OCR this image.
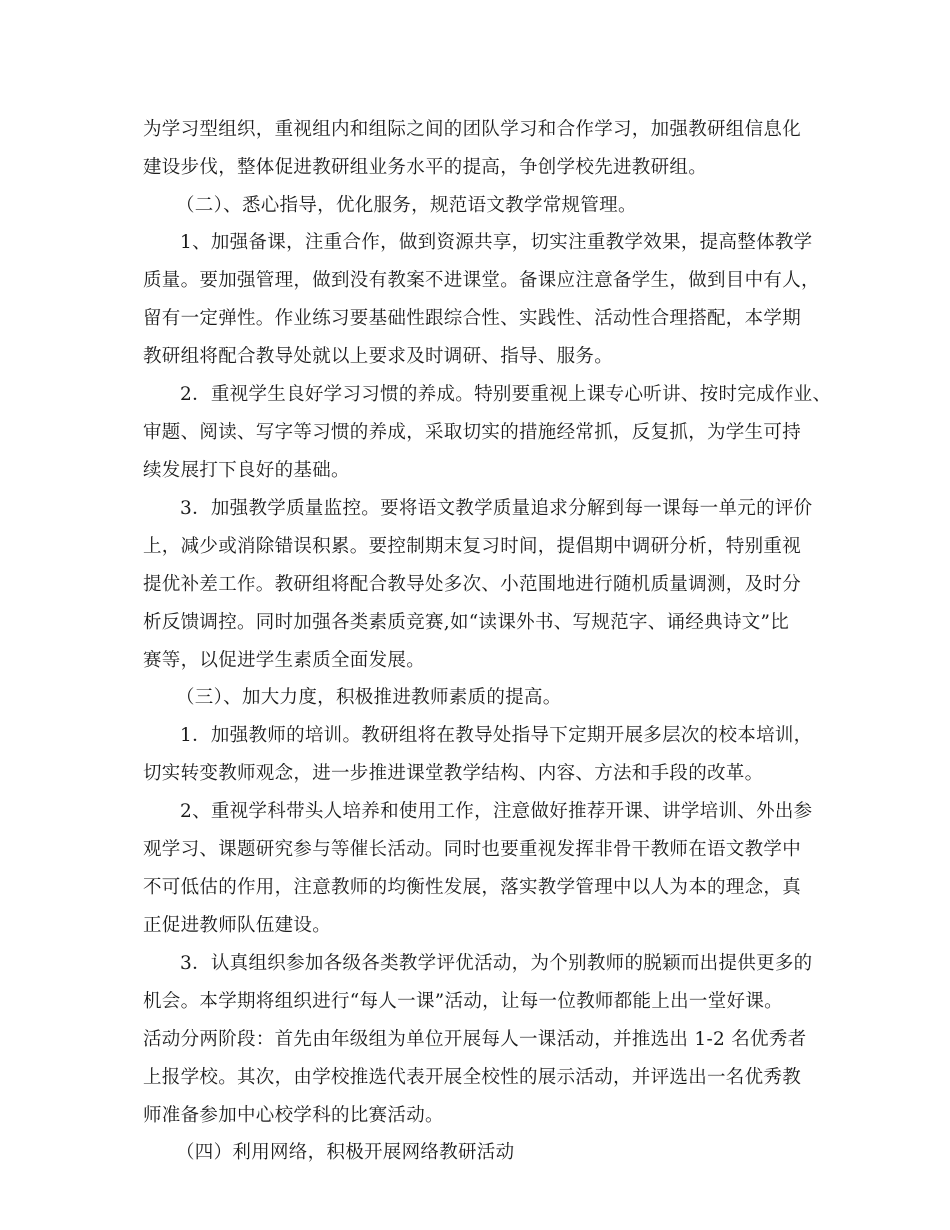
为学习型组织，重视组内和组际之间的团队学习和合作学习，加强教研组信息化
建设步伐，整体促进教研组业务水平的提高，争创学校先进教研组。
（二）、悉心指导，优化服务，规范语文教学常规管理。
1、加强备课，注重合作，做到资源共享，切实注重教学效果，提高整体教学
质量。要加强管理，做到没有教案不进课堂。备课应注意备学生，做到目中有人，
留有一定弹性。作业练习要基础性跟综合性、实践性、活动性合理搭配，本学期
教研组将配合教导处就以上要求及时调研、指导、服务。
2．重视学生良好学习习惯的养成。特别要重视上课专心听讲、按时完成作业、
审题、阅读、写字等习惯的养成，采取切实的措施经常抓，反复抓，为学生可持
续发展打下良好的基础。
3．加强教学质量监控。要将语文教学质量追求分解到每一课每一单元的评价
上，减少或消除错误积累。要控制期末复习时间，提倡期中调研分析，特别重视
提优补差工作。教研组将配合教导处多次、小范围地进行随机质量调测，及时分
析反馈调控。同时加强各类素质竞赛,如“读课外书、写规范字、诵经典诗文”比
赛等，以促进学生素质全面发展。
（三）、加大力度，积极推进教师素质的提高。
1．加强教师的培训。教研组将在教导处指导下定期开展多层次的校本培训，
切实转变教师观念，进一步推进课堂教学结构、内容、方法和手段的改革。
2、重视学科带头人培养和使用工作，注意做好推荐开课、讲学培训、外出参
观学习、课题研究参与等催长活动。同时也要重视发挥非骨干教师在语文教学中
不可低估的作用，注意教师的均衡性发展，落实教学管理中以人为本的理念，真
正促进教师队伍建设。
3．认真组织参加各级各类教学评优活动，为个别教师的脱颖而出提供更多的
机会。本学期将组织进行“每人一课”活动，让每一位教师都能上出一堂好课。
活动分两阶段：首先由年级组为单位开展每人一课活动，并推选出 1-2 名优秀者
上报学校。其次，由学校推选代表开展全校性的展示活动，并评选出一名优秀教
师准备参加中心校学科的比赛活动。
（四）利用网络，积极开展网络教研活动
